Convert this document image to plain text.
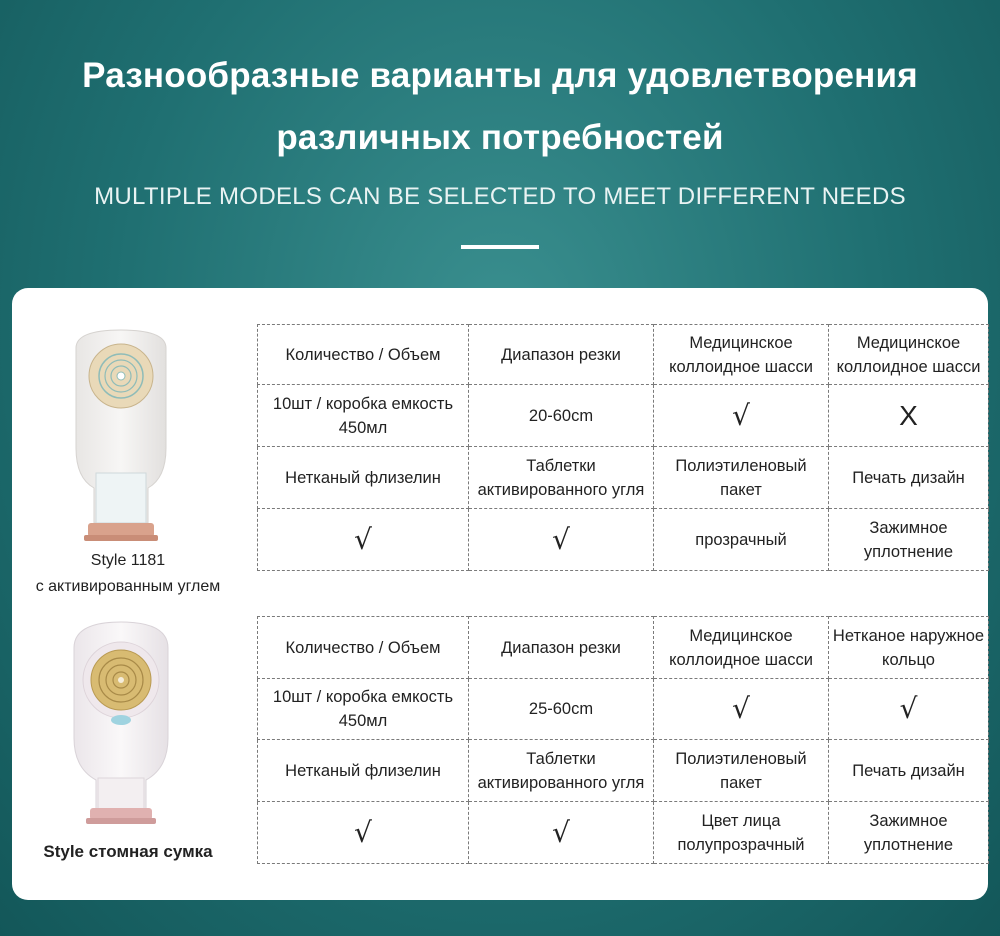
Разнообразные варианты для удовлетворения
различных потребностей
MULTIPLE MODELS CAN BE SELECTED TO MEET DIFFERENT NEEDS
Style 1181
с активированным углем
Количество / Объем	Диапазон резки	Медицинское коллоидное шасси	Медицинское коллоидное шасси
10шт / коробка емкость 450мл	20-60cm	√	X
Нетканый флизелин	Таблетки активированного угля	Полиэтиленовый пакет	Печать дизайн
√	√	прозрачный	Зажимное уплотнение
Style стомная сумка
Количество / Объем	Диапазон резки	Медицинское коллоидное шасси	Нетканое наружное кольцо
10шт / коробка емкость 450мл	25-60cm	√	√
Нетканый флизелин	Таблетки активированного угля	Полиэтиленовый пакет	Печать дизайн
√	√	Цвет лица полупрозрачный	Зажимное уплотнение
